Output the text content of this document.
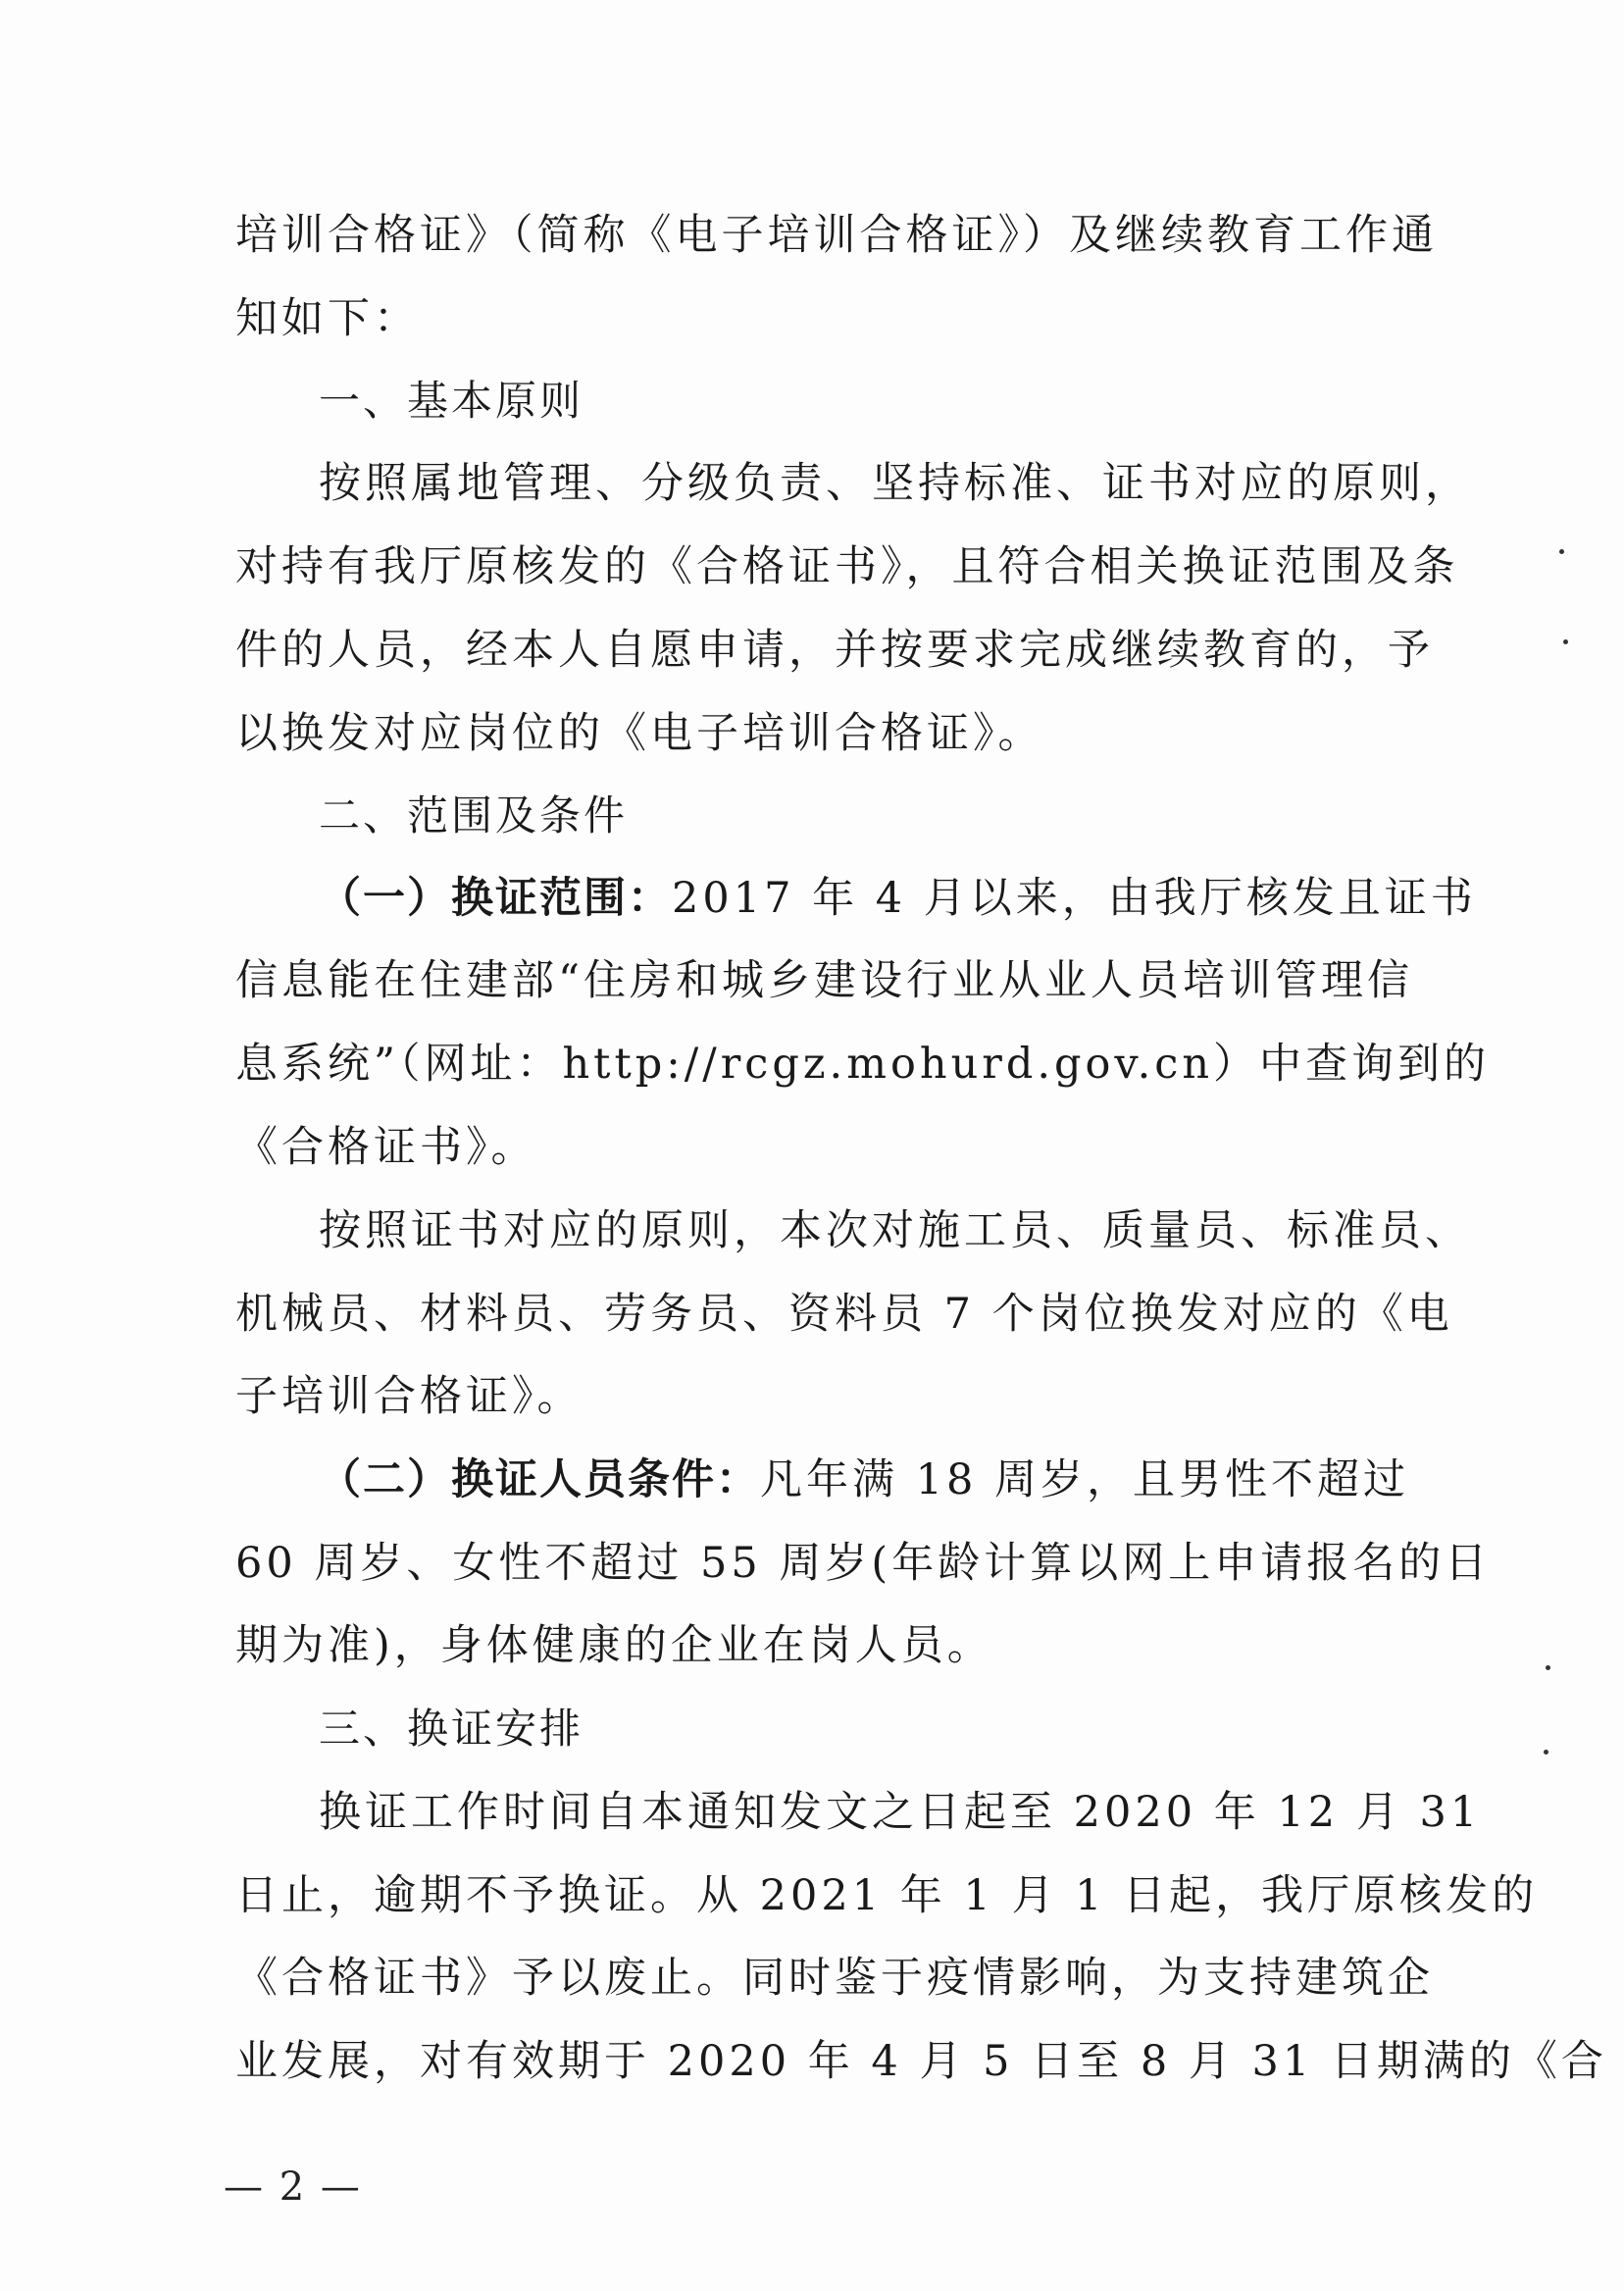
培训合格证》（简称《电子培训合格证》）及继续教育工作通
知如下：
一、基本原则
按照属地管理、分级负责、坚持标准、证书对应的原则，
对持有我厅原核发的《合格证书》，且符合相关换证范围及条
件的人员，经本人自愿申请，并按要求完成继续教育的，予
以换发对应岗位的《电子培训合格证》。
二、范围及条件
（一）换证范围：2017 年 4 月以来，由我厅核发且证书
信息能在住建部“住房和城乡建设行业从业人员培训管理信
息系统”（网址：http://rcgz.mohurd.gov.cn）中查询到的
《合格证书》。
按照证书对应的原则，本次对施工员、质量员、标准员、
机械员、材料员、劳务员、资料员 7 个岗位换发对应的《电
子培训合格证》。
（二）换证人员条件：凡年满 18 周岁，且男性不超过
60 周岁、女性不超过 55 周岁(年龄计算以网上申请报名的日
期为准)，身体健康的企业在岗人员。
三、换证安排
换证工作时间自本通知发文之日起至 2020 年 12 月 31
日止，逾期不予换证。从 2021 年 1 月 1 日起，我厅原核发的
《合格证书》予以废止。同时鉴于疫情影响，为支持建筑企
业发展，对有效期于 2020 年 4 月 5 日至 8 月 31 日期满的《合
— 2 —
